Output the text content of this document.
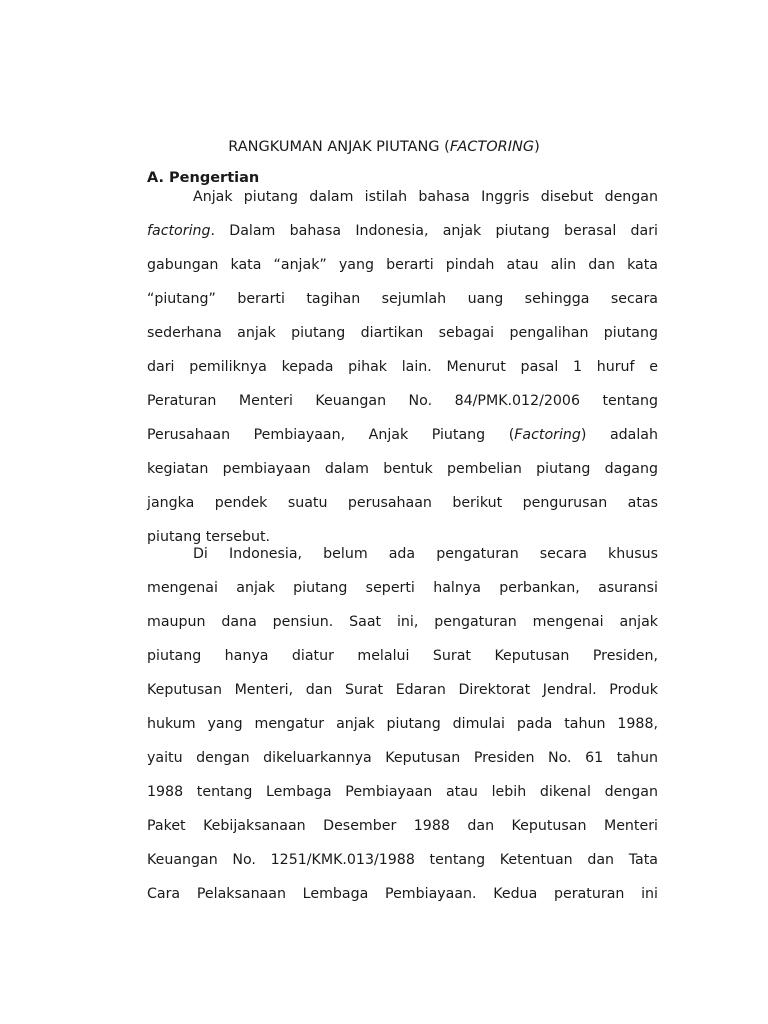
RANGKUMAN ANJAK PIUTANG (FACTORING)
A. Pengertian
Anjak piutang dalam istilah bahasa Inggris disebut dengan
factoring. Dalam bahasa Indonesia, anjak piutang berasal dari
gabungan kata “anjak” yang berarti pindah atau alin dan kata
“piutang” berarti tagihan sejumlah uang sehingga secara
sederhana anjak piutang diartikan sebagai pengalihan piutang
dari pemiliknya kepada pihak lain. Menurut pasal 1 huruf e
Peraturan Menteri Keuangan No. 84/PMK.012/2006 tentang
Perusahaan Pembiayaan, Anjak Piutang (Factoring) adalah
kegiatan pembiayaan dalam bentuk pembelian piutang dagang
jangka pendek suatu perusahaan berikut pengurusan atas
piutang tersebut.
Di Indonesia, belum ada pengaturan secara khusus
mengenai anjak piutang seperti halnya perbankan, asuransi
maupun dana pensiun. Saat ini, pengaturan mengenai anjak
piutang hanya diatur melalui Surat Keputusan Presiden,
Keputusan Menteri, dan Surat Edaran Direktorat Jendral. Produk
hukum yang mengatur anjak piutang dimulai pada tahun 1988,
yaitu dengan dikeluarkannya Keputusan Presiden No. 61 tahun
1988 tentang Lembaga Pembiayaan atau lebih dikenal dengan
Paket Kebijaksanaan Desember 1988 dan Keputusan Menteri
Keuangan No. 1251/KMK.013/1988 tentang Ketentuan dan Tata
Cara Pelaksanaan Lembaga Pembiayaan. Kedua peraturan ini
